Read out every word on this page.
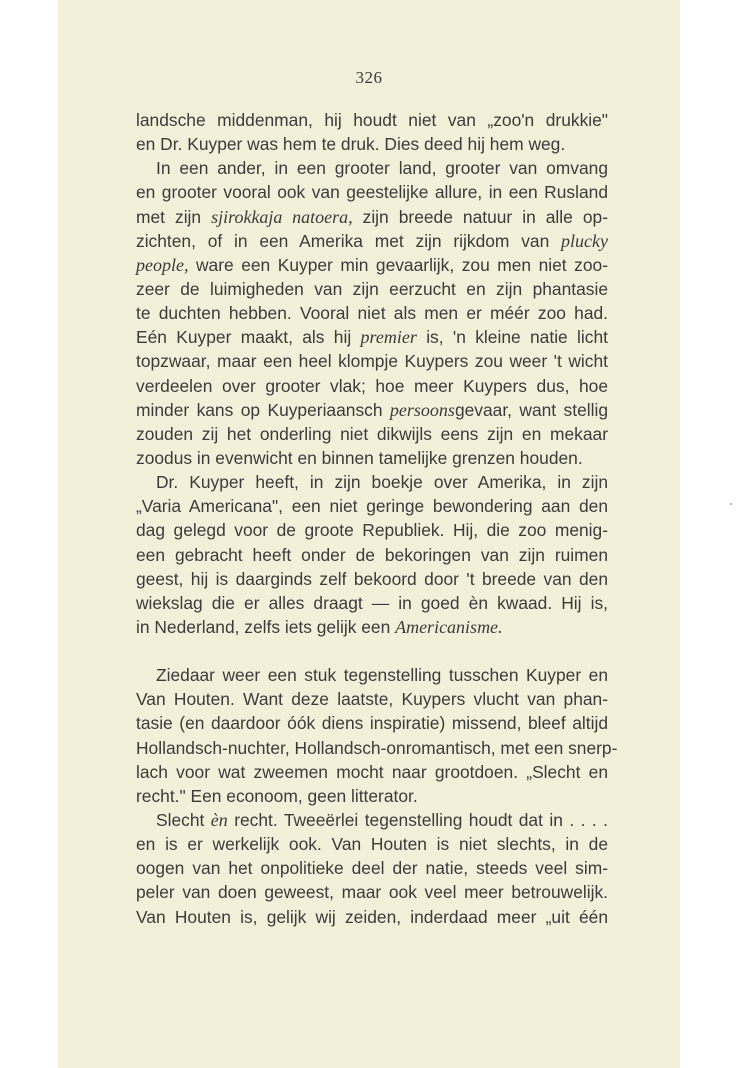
326
landsche middenman, hij houdt niet van „zoo'n drukkie"
en Dr. Kuyper was hem te druk. Dies deed hij hem weg.
In een ander, in een grooter land, grooter van omvang
en grooter vooral ook van geestelijke allure, in een Rusland
met zijn sjirokkaja natoera, zijn breede natuur in alle op-
zichten, of in een Amerika met zijn rijkdom van plucky
people, ware een Kuyper min gevaarlijk, zou men niet zoo-
zeer de luimigheden van zijn eerzucht en zijn phantasie
te duchten hebben. Vooral niet als men er méér zoo had.
Eén Kuyper maakt, als hij premier is, 'n kleine natie licht
topzwaar, maar een heel klompje Kuypers zou weer 't wicht
verdeelen over grooter vlak; hoe meer Kuypers dus, hoe
minder kans op Kuyperiaansch persoonsgevaar, want stellig
zouden zij het onderling niet dikwijls eens zijn en mekaar
zoodus in evenwicht en binnen tamelijke grenzen houden.
Dr. Kuyper heeft, in zijn boekje over Amerika, in zijn
„Varia Americana", een niet geringe bewondering aan den
dag gelegd voor de groote Republiek. Hij, die zoo menig-
een gebracht heeft onder de bekoringen van zijn ruimen
geest, hij is daarginds zelf bekoord door 't breede van den
wiekslag die er alles draagt — in goed èn kwaad. Hij is,
in Nederland, zelfs iets gelijk een Americanisme.
Ziedaar weer een stuk tegenstelling tusschen Kuyper en
Van Houten. Want deze laatste, Kuypers vlucht van phan-
tasie (en daardoor óók diens inspiratie) missend, bleef altijd
Hollandsch-nuchter, Hollandsch-onromantisch, met een snerp-
lach voor wat zweemen mocht naar grootdoen. „Slecht en
recht." Een econoom, geen litterator.
Slecht èn recht. Tweeërlei tegenstelling houdt dat in . . . .
en is er werkelijk ook. Van Houten is niet slechts, in de
oogen van het onpolitieke deel der natie, steeds veel sim-
peler van doen geweest, maar ook veel meer betrouwelijk.
Van Houten is, gelijk wij zeiden, inderdaad meer „uit één
